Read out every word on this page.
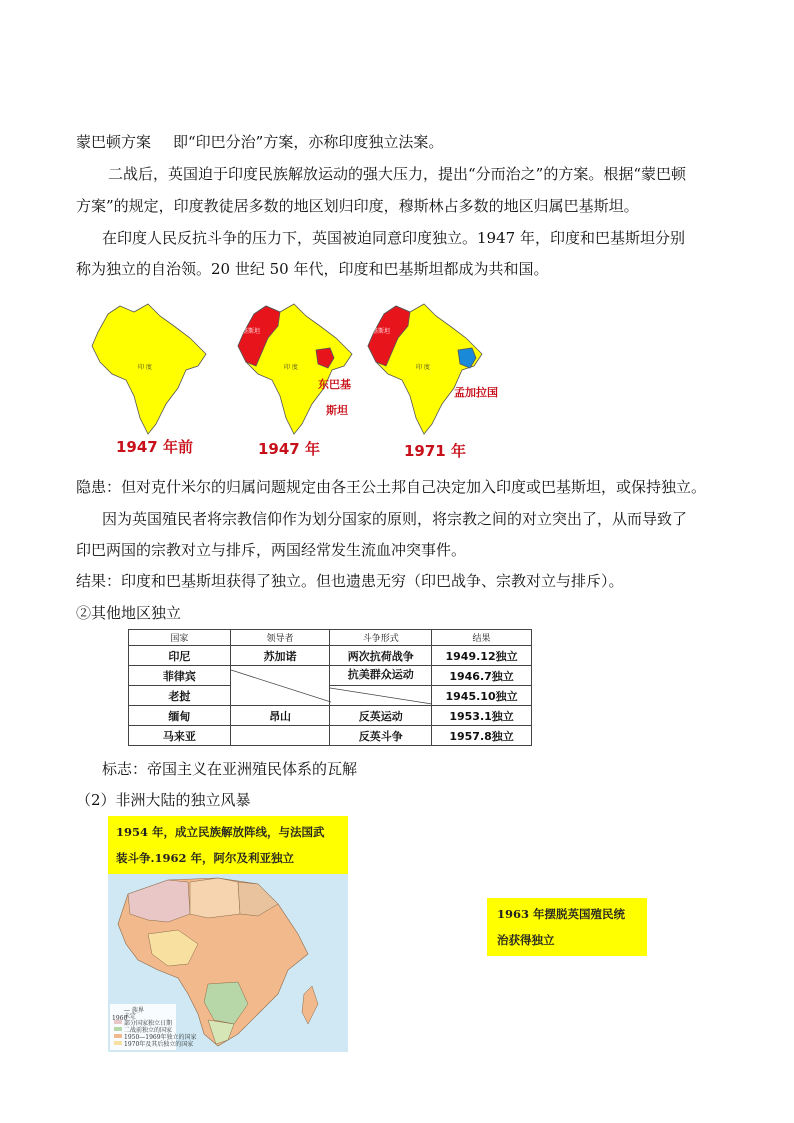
蒙巴顿方案 即“印巴分治”方案，亦称印度独立法案。
二战后，英国迫于印度民族解放运动的强大压力，提出“分而治之”的方案。根据“蒙巴顿
方案”的规定，印度教徒居多数的地区划归印度，穆斯林占多数的地区归属巴基斯坦。
在印度人民反抗斗争的压力下，英国被迫同意印度独立。1947 年，印度和巴基斯坦分别
称为独立的自治领。20 世纪 50 年代，印度和巴基斯坦都成为共和国。
印 度
1947 年前
巴基斯坦
印 度
东巴基
斯坦
1947 年
巴基斯坦
印 度
孟加拉国
1971 年
隐患：但对克什米尔的归属问题规定由各王公土邦自己决定加入印度或巴基斯坦，或保持独立。
因为英国殖民者将宗教信仰作为划分国家的原则，将宗教之间的对立突出了，从而导致了
印巴两国的宗教对立与排斥，两国经常发生流血冲突事件。
结果：印度和巴基斯坦获得了独立。但也遗患无穷（印巴战争、宗教对立与排斥）。
②其他地区独立
国家	领导者	斗争形式	结果
印尼	苏加诺	两次抗荷战争	1949.12独立
菲律宾		抗美群众运动	1946.7独立
老挝			1945.10独立
缅甸	昂山	反英运动	1953.1独立
马来亚		反英斗争	1957.8独立
标志：帝国主义在亚洲殖民体系的瓦解
（2）非洲大陆的独立风暴
1954 年，成立民族解放阵线，与法国武
装斗争.1962 年，阿尔及利亚独立
— 族界
未定
1960
部分国家独立日期
二战前独立的国家
1950—1969年独立的国家
1970年及其后独立的国家
1963 年摆脱英国殖民统
治获得独立
